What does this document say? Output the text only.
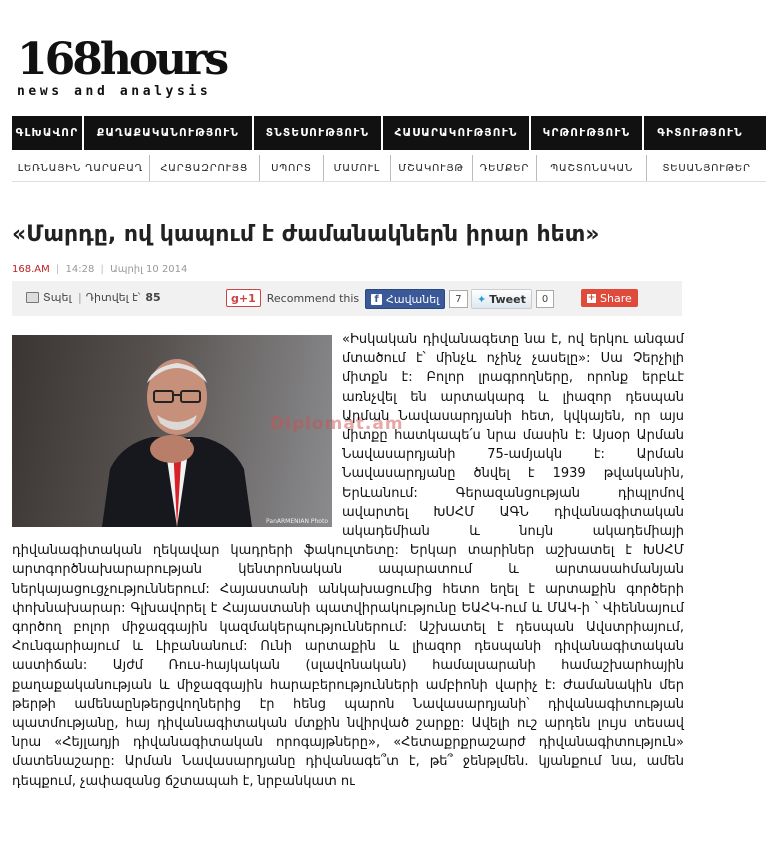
168hours
news and analysis
ԳԼԽԱՎՈՐ	ՔԱՂԱՔԱԿԱՆՈՒԹՅՈՒՆ	ՏՆՏԵՍՈՒԹՅՈՒՆ	ՀԱՍԱՐԱԿՈՒԹՅՈՒՆ	ԿՐԹՈՒԹՅՈՒՆ	ԳԻՏՈՒԹՅՈՒՆ
ԼԵՌՆԱՅԻՆ ՂԱՐԱԲԱՂ	ՀԱՐՑԱԶՐՈՒՅՑ	ՍՊՈՐՏ	ՄԱՄՈՒԼ	ՄՇԱԿՈՒՅԹ	ԴԵՄՔԵՐ	ՊԱՇՏՈՆԱԿԱՆ	ՏԵՍԱՆՅՈՒԹԵՐ
«Մարդը, ով կապում է ժամանակներն իրար հետ»
168.AM | 14:28 | Ապրիլ 10 2014
Տպել | Դիտվել է՝ 85	g+1	Recommend this	f Հավանել	7	✦ Tweet	0	+ Share
PanARMENIAN Photo
Diplomat.am

«Իսկական դիվանագետը նա է, ով երկու անգամ մտածում է՝ մինչև ոչինչ չասելը»: Սա Չերչիլի միտքն է: Բոլոր լրագրողները, որոնք երբևէ առնչվել են արտակարգ և լիազոր դեսպան Արման Նավասարդյանի հետ, կվկայեն, որ այս միտքը հատկապե՛ս նրա մասին է: Այսօր Արման Նավասարդյանի 75-ամյակն է: Արման Նավասարդյանը ծնվել է 1939 թվականին, Երևանում: Գերազանցության դիպլոմով ավարտել ԽՍՀՄ ԱԳՆ դիվանագիտական ակադեմիան և նույն ակադեմիայի դիվանագիտական ղեկավար կադրերի ֆակուլտետը: Երկար տարիներ աշխատել է ԽՍՀՄ արտգործնախարարության կենտրոնական ապարատում և արտասահմանյան ներկայացուցչություններում: Հայաստանի անկախացումից հետո եղել է արտաքին գործերի փոխնախարար: Գլխավորել է Հայաստանի պատվիրակությունը ԵԱՀԿ-ում և ՄԱԿ-ի ՝ Վիեննայում գործող բոլոր միջազգային կազմակերպություններում: Աշխատել է դեսպան Ավստրիայում, Հունգարիայում և Լիբանանում: Ունի արտաքին և լիազոր դեսպանի դիվանագիտական աստիճան: Այժմ Ռուս-հայկական (սլավոնական) համալսարանի համաշխարհային քաղաքականության և միջազգային հարաբերությունների ամբիոնի վարիչ է: Ժամանակին մեր թերթի ամենաընթերցվողներից էր հենց պարոն Նավասարդյանի՝ դիվանագիտության պատմությանը, հայ դիվանագիտական մտքին նվիրված շարքը: Ավելի ուշ արդեն լույս տեսավ նրա «Հեյլադյի դիվանագիտական որոգայթները», «Հետաքրքրաշարժ դիվանագիտություն» մատենաշարը: Արման Նավասարդյանը դիվանագե՞տ է, թե՞ ջենթլմեն. կյանքում նա, ամեն դեպքում, չափազանց ճշտապահ է, նրբանկատ ու
